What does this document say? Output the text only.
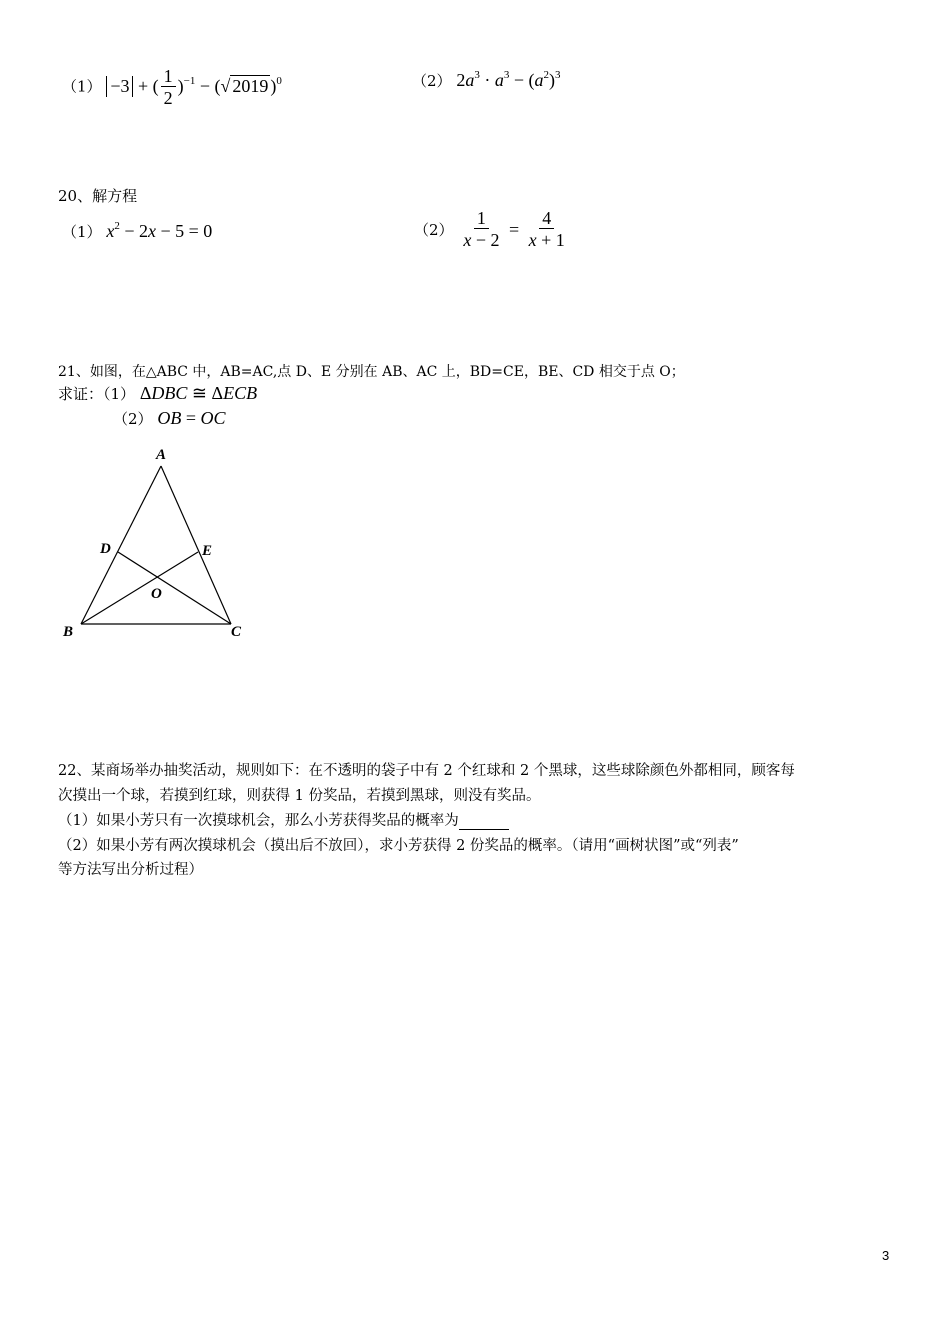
（1） −3 + ( $\frac{1}{2} )^{-1}$ − (√ 2019 )$^0$	（2） $2a^3 \cdot a^3 - (a^2)^3$
20、解方程
（1） $x^2 - 2x - 5 = 0$	$(2) \frac{1}{x - 2} = \frac{4}{x + 1}$
21、如图，在△ABC 中，AB=AC,点 D、E 分别在 AB、AC 上，BD=CE，BE、CD 相交于点 O；
求证：（1） ΔDBC ≅ ΔECB
（2） OB = OC
A
B	C
D	E
O
22、某商场举办抽奖活动，规则如下：在不透明的袋子中有 2 个红球和 2 个黑球，这些球除颜色外都相同，顾客每
次摸出一个球，若摸到红球，则获得 1 份奖品，若摸到黑球，则没有奖品。
（1）如果小芳只有一次摸球机会，那么小芳获得奖品的概率为
（2）如果小芳有两次摸球机会（摸出后不放回），求小芳获得 2 份奖品的概率。（请用“画树状图”或“列表”
等方法写出分析过程）
3
